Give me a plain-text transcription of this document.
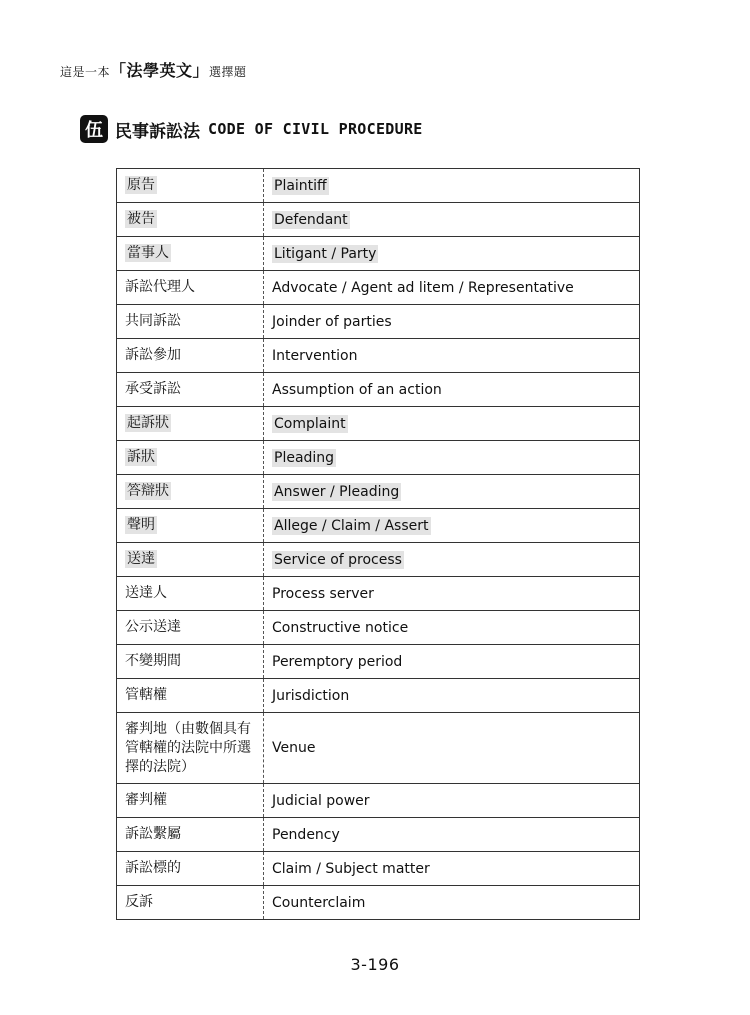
這是一本「法學英文」選擇題
伍 民事訴訟法 CODE OF CIVIL PROCEDURE
原告	Plaintiff
被告	Defendant
當事人	Litigant / Party
訴訟代理人	Advocate / Agent ad litem / Representative
共同訴訟	Joinder of parties
訴訟參加	Intervention
承受訴訟	Assumption of an action
起訴狀	Complaint
訴狀	Pleading
答辯狀	Answer / Pleading
聲明	Allege / Claim / Assert
送達	Service of process
送達人	Process server
公示送達	Constructive notice
不變期間	Peremptory period
管轄權	Jurisdiction
審判地（由數個具有管轄權的法院中所選擇的法院）	Venue
審判權	Judicial power
訴訟繫屬	Pendency
訴訟標的	Claim / Subject matter
反訴	Counterclaim
3-196
